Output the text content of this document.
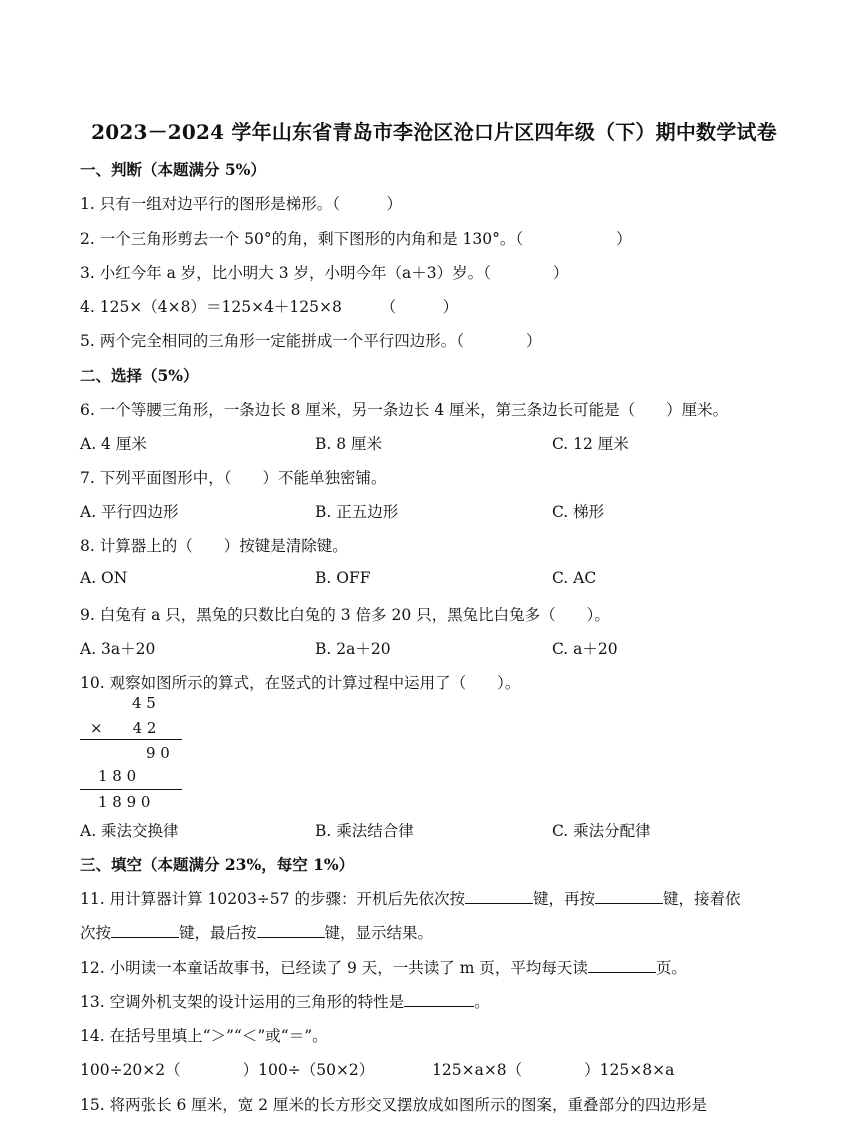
2023－2024 学年山东省青岛市李沧区沧口片区四年级（下）期中数学试卷
一、判断（本题满分 5%）
1. 只有一组对边平行的图形是梯形。（　　　）
2. 一个三角形剪去一个 50°的角，剩下图形的内角和是 130°。（　　　　　　）
3. 小红今年 a 岁，比小明大 3 岁，小明今年（a＋3）岁。（　　　　）
4. 125×（4×8）＝125×4＋125×8　　　（　　　）
5. 两个完全相同的三角形一定能拼成一个平行四边形。（　　　　）
二、选择（5%）
6. 一个等腰三角形，一条边长 8 厘米，另一条边长 4 厘米，第三条边长可能是（　　）厘米。
A. 4 厘米	B. 8 厘米	C. 12 厘米
7. 下列平面图形中，（　　）不能单独密铺。
A. 平行四边形	B. 正五边形	C. 梯形
8. 计算器上的（　　）按键是清除键。
A. ON	B. OFF	C. AC
9. 白兔有 a 只，黑兔的只数比白兔的 3 倍多 20 只，黑兔比白兔多（　　）。
A. 3a＋20	B. 2a＋20	C. a＋20
10. 观察如图所示的算式，在竖式的计算过程中运用了（　　）。
4 5
×　　4 2
9 0
1 8 0
1 8 9 0
A. 乘法交换律	B. 乘法结合律	C. 乘法分配律
三、填空（本题满分 23%，每空 1%）
11. 用计算器计算 10203÷57 的步骤：开机后先依次按	键，再按	键，接着依
次按	键，最后按	键，显示结果。
12. 小明读一本童话故事书，已经读了 9 天，一共读了 m 页，平均每天读	页。
13. 空调外机支架的设计运用的三角形的特性是	。
14. 在括号里填上“＞”“＜”或“＝”。
100÷20×2（　　　　）100÷（50×2）	125×a×8（　　　　）125×8×a
15. 将两张长 6 厘米，宽 2 厘米的长方形交叉摆放成如图所示的图案，重叠部分的四边形是
